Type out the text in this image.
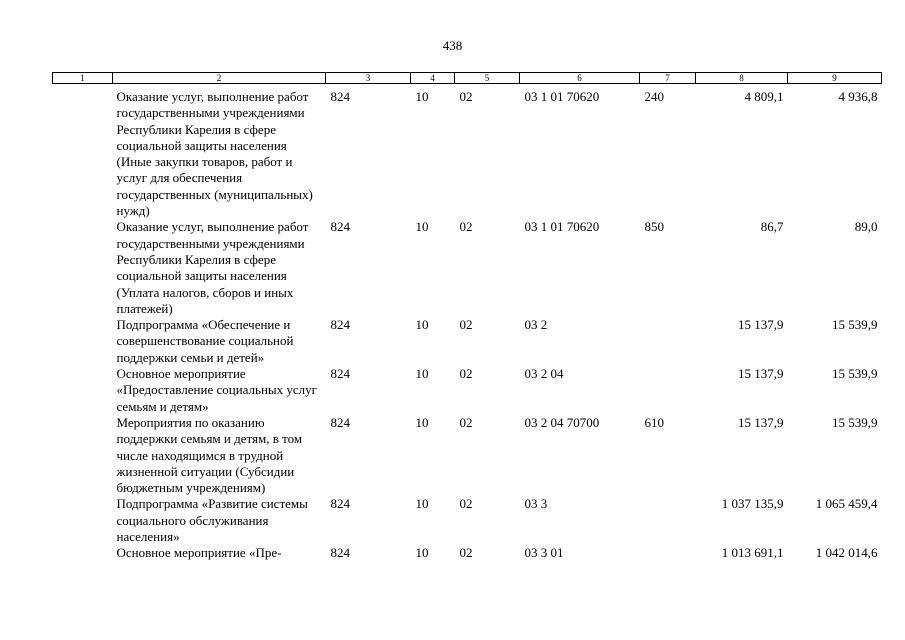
438
1	2	3	4	5	6	7	8	9
	Оказание услуг, выполнение работ государственными учреждениями Республики Карелия в сфере социальной защиты населения (Иные закупки товаров, работ и услуг для обеспечения государственных (муниципальных) нужд)	824	10	02	03 1 01 70620	240	4 809,1	4 936,8
	Оказание услуг, выполнение работ государственными учреждениями Республики Карелия в сфере социальной защиты населения (Уплата налогов, сборов и иных платежей)	824	10	02	03 1 01 70620	850	86,7	89,0
	Подпрограмма «Обеспечение и совершенствование социальной поддержки семьи и детей»	824	10	02	03 2		15 137,9	15 539,9
	Основное мероприятие «Предоставление социальных услуг семьям и детям»	824	10	02	03 2 04		15 137,9	15 539,9
	Мероприятия по оказанию поддержки семьям и детям, в том числе находящимся в трудной жизненной ситуации (Субсидии бюджетным учреждениям)	824	10	02	03 2 04 70700	610	15 137,9	15 539,9
	Подпрограмма «Развитие системы социального обслуживания населения»	824	10	02	03 3		1 037 135,9	1 065 459,4
	Основное мероприятие «Пре-	824	10	02	03 3 01		1 013 691,1	1 042 014,6
